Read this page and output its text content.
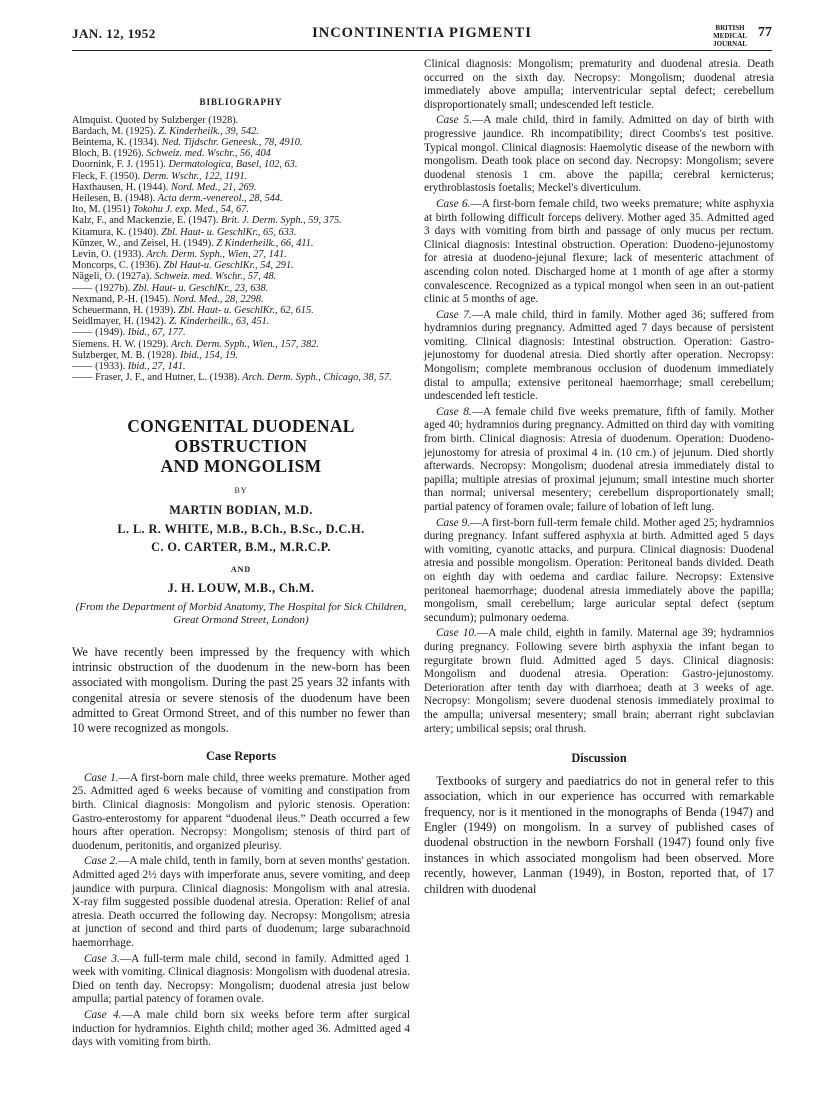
JAN. 12, 1952	INCONTINENTIA PIGMENTI	BRITISH
MEDICAL JOURNAL
77
BIBLIOGRAPHY
Almquist. Quoted by Sulzberger (1928).
Bardach, M. (1925). Z. Kinderheilk., 39, 542.
Beintema, K. (1934). Ned. Tijdschr. Geneesk., 78, 4910.
Bloch, B. (1926). Schweiz. med. Wschr., 56, 404
Doornink, F. J. (1951). Dermatologica, Basel, 102, 63.
Fleck, F. (1950). Derm. Wschr., 122, 1191.
Haxthausen, H. (1944). Nord. Med., 21, 269.
Heilesen, B. (1948). Acta derm.-venereol., 28, 544.
Ito, M. (1951) Tokohu J. exp. Med., 54, 67.
Kalz, F., and Mackenzie, E. (1947). Brit. J. Derm. Syph., 59, 375.
Kitamura, K. (1940). Zbl. Haut- u. GeschlKr., 65, 633.
Künzer, W., and Zeisel, H. (1949). Z Kinderheilk., 66, 411.
Levin, O. (1933). Arch. Derm. Syph., Wien, 27, 141.
Moncorps, C. (1936). Zbl Haut-u. GeschlKr., 54, 291.
Nägeli, O. (1927a). Schweiz. med. Wschr., 57, 48.
—— (1927b). Zbl. Haut- u. GeschlKr., 23, 638.
Nexmand, P.-H. (1945). Nord. Med., 28, 2298.
Scheuermann, H. (1939). Zbl. Haut- u. GeschlKr., 62, 615.
Seidlmayer, H. (1942). Z. Kinderheilk., 63, 451.
—— (1949). Ibid., 67, 177.
Siemens. H. W. (1929). Arch. Derm. Syph., Wien., 157, 382.
Sulzberger, M. B. (1928). Ibid., 154, 19.
—— (1933). Ibid., 27, 141.
—— Fraser, J. F., and Hutner, L. (1938). Arch. Derm. Syph., Chicago, 38, 57.
CONGENITAL DUODENAL OBSTRUCTION
AND MONGOLISM
BY
MARTIN BODIAN, M.D.
L. L. R. WHITE, M.B., B.Ch., B.Sc., D.C.H.
C. O. CARTER, B.M., M.R.C.P.
AND
J. H. LOUW, M.B., Ch.M.
(From the Department of Morbid Anatomy, The Hospital for Sick Children, Great Ormond Street, London)

We have recently been impressed by the frequency with which intrinsic obstruction of the duodenum in the new-born has been associated with mongolism. During the past 25 years 32 infants with congenital atresia or severe stenosis of the duodenum have been admitted to Great Ormond Street, and of this number no fewer than 10 were recognized as mongols.

Case Reports

Case 1.—A first-born male child, three weeks premature. Mother aged 25. Admitted aged 6 weeks because of vomiting and constipation from birth. Clinical diagnosis: Mongolism and pyloric stenosis. Operation: Gastro-enterostomy for apparent “duodenal ileus.” Death occurred a few hours after operation. Necropsy: Mongolism; stenosis of third part of duodenum, peritonitis, and organized pleurisy.

Case 2.—A male child, tenth in family, born at seven months' gestation. Admitted aged 2½ days with imperforate anus, severe vomiting, and deep jaundice with purpura. Clinical diagnosis: Mongolism with anal atresia. X-ray film suggested possible duodenal atresia. Operation: Relief of anal atresia. Death occurred the following day. Necropsy: Mongolism; atresia at junction of second and third parts of duodenum; large subarachnoid haemorrhage.

Case 3.—A full-term male child, second in family. Admitted aged 1 week with vomiting. Clinical diagnosis: Mongolism with duodenal atresia. Died on tenth day. Necropsy: Mongolism; duodenal atresia just below ampulla; partial patency of foramen ovale.

Case 4.—A male child born six weeks before term after surgical induction for hydramnios. Eighth child; mother aged 36. Admitted aged 4 days with vomiting from birth.

Clinical diagnosis: Mongolism; prematurity and duodenal atresia. Death occurred on the sixth day. Necropsy: Mongolism; duodenal atresia immediately above ampulla; interventricular septal defect; cerebellum disproportionately small; undescended left testicle.

Case 5.—A male child, third in family. Admitted on day of birth with progressive jaundice. Rh incompatibility; direct Coombs's test positive. Typical mongol. Clinical diagnosis: Haemolytic disease of the newborn with mongolism. Death took place on second day. Necropsy: Mongolism; severe duodenal stenosis 1 cm. above the papilla; cerebral kernicterus; erythroblastosis foetalis; Meckel's diverticulum.

Case 6.—A first-born female child, two weeks premature; white asphyxia at birth following difficult forceps delivery. Mother aged 35. Admitted aged 3 days with vomiting from birth and passage of only mucus per rectum. Clinical diagnosis: Intestinal obstruction. Operation: Duodeno-jejunostomy for atresia at duodeno-jejunal flexure; lack of mesenteric attachment of ascending colon noted. Discharged home at 1 month of age after a stormy convalescence. Recognized as a typical mongol when seen in an out-patient clinic at 5 months of age.

Case 7.—A male child, third in family. Mother aged 36; suffered from hydramnios during pregnancy. Admitted aged 7 days because of persistent vomiting. Clinical diagnosis: Intestinal obstruction. Operation: Gastro-jejunostomy for duodenal atresia. Died shortly after operation. Necropsy: Mongolism; complete membranous occlusion of duodenum immediately distal to ampulla; extensive peritoneal haemorrhage; small cerebellum; undescended left testicle.

Case 8.—A female child five weeks premature, fifth of family. Mother aged 40; hydramnios during pregnancy. Admitted on third day with vomiting from birth. Clinical diagnosis: Atresia of duodenum. Operation: Duodeno-jejunostomy for atresia of proximal 4 in. (10 cm.) of jejunum. Died shortly afterwards. Necropsy: Mongolism; duodenal atresia immediately distal to papilla; multiple atresias of proximal jejunum; small intestine much shorter than normal; universal mesentery; cerebellum disproportionately small; partial patency of foramen ovale; failure of lobation of left lung.

Case 9.—A first-born full-term female child. Mother aged 25; hydramnios during pregnancy. Infant suffered asphyxia at birth. Admitted aged 5 days with vomiting, cyanotic attacks, and purpura. Clinical diagnosis: Duodenal atresia and possible mongolism. Operation: Peritoneal bands divided. Death on eighth day with oedema and cardiac failure. Necropsy: Extensive peritoneal haemorrhage; duodenal atresia immediately above the papilla; mongolism, small cerebellum; large auricular septal defect (septum secundum); pulmonary oedema.

Case 10.—A male child, eighth in family. Maternal age 39; hydramnios during pregnancy. Following severe birth asphyxia the infant began to regurgitate brown fluid. Admitted aged 5 days. Clinical diagnosis: Mongolism and duodenal atresia. Operation: Gastro-jejunostomy. Deterioration after tenth day with diarrhoea; death at 3 weeks of age. Necropsy: Mongolism; severe duodenal stenosis immediately proximal to the ampulla; universal mesentery; small brain; aberrant right subclavian artery; umbilical sepsis; oral thrush.

Discussion

Textbooks of surgery and paediatrics do not in general refer to this association, which in our experience has occurred with remarkable frequency, nor is it mentioned in the monographs of Benda (1947) and Engler (1949) on mongolism. In a survey of published cases of duodenal obstruction in the newborn Forshall (1947) found only five instances in which associated mongolism had been observed. More recently, however, Lanman (1949), in Boston, reported that, of 17 children with duodenal
